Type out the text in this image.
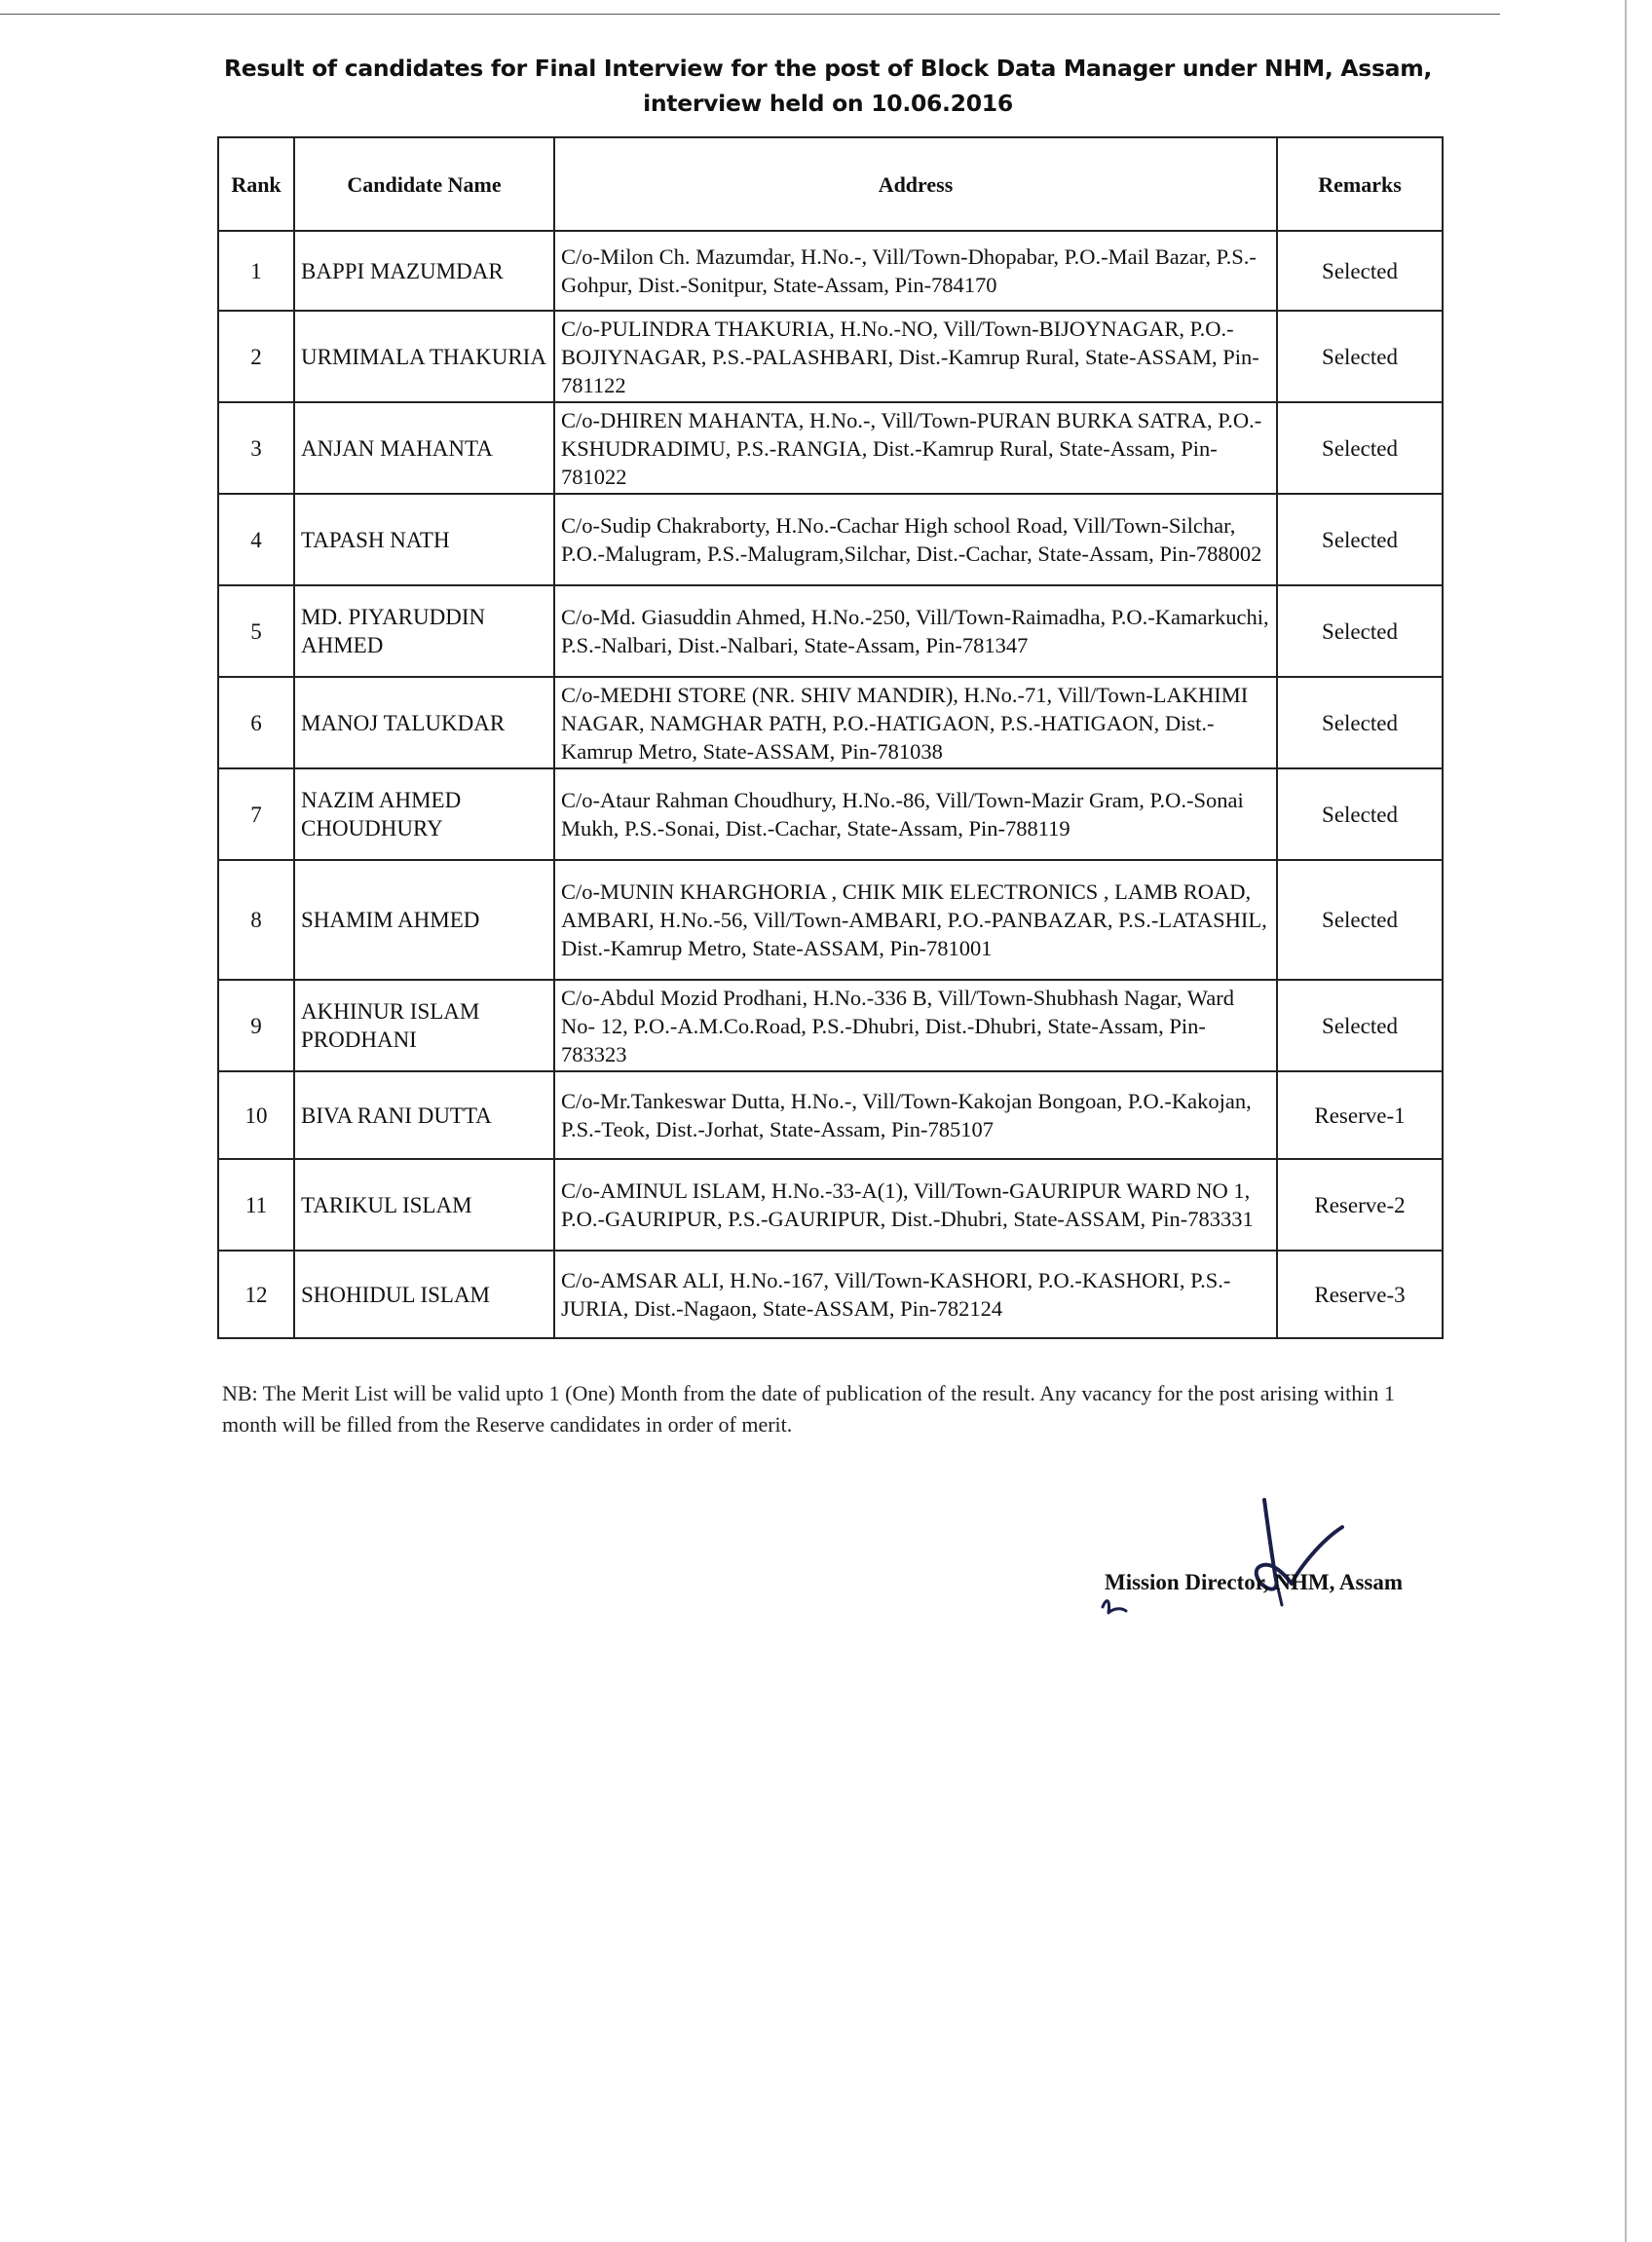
Result of candidates for Final Interview for the post of Block Data Manager under NHM, Assam,
interview held on 10.06.2016
Rank	Candidate Name	Address	Remarks
1	BAPPI MAZUMDAR	C/o-Milon Ch. Mazumdar, H.No.-, Vill/Town-Dhopabar, P.O.-Mail Bazar, P.S.-Gohpur, Dist.-Sonitpur, State-Assam, Pin-784170	Selected
2	URMIMALA THAKURIA	C/o-PULINDRA THAKURIA, H.No.-NO, Vill/Town-BIJOYNAGAR, P.O.-BOJIYNAGAR, P.S.-PALASHBARI, Dist.-Kamrup Rural, State-ASSAM, Pin-781122	Selected
3	ANJAN MAHANTA	C/o-DHIREN MAHANTA, H.No.-, Vill/Town-PURAN BURKA SATRA, P.O.-KSHUDRADIMU, P.S.-RANGIA, Dist.-Kamrup Rural, State-Assam, Pin-781022	Selected
4	TAPASH NATH	C/o-Sudip Chakraborty, H.No.-Cachar High school Road, Vill/Town-Silchar, P.O.-Malugram, P.S.-Malugram,Silchar, Dist.-Cachar, State-Assam, Pin-788002	Selected
5	MD. PIYARUDDIN AHMED	C/o-Md. Giasuddin Ahmed, H.No.-250, Vill/Town-Raimadha, P.O.-Kamarkuchi, P.S.-Nalbari, Dist.-Nalbari, State-Assam, Pin-781347	Selected
6	MANOJ TALUKDAR	C/o-MEDHI STORE (NR. SHIV MANDIR), H.No.-71, Vill/Town-LAKHIMI NAGAR, NAMGHAR PATH, P.O.-HATIGAON, P.S.-HATIGAON, Dist.-Kamrup Metro, State-ASSAM, Pin-781038	Selected
7	NAZIM AHMED CHOUDHURY	C/o-Ataur Rahman Choudhury, H.No.-86, Vill/Town-Mazir Gram, P.O.-Sonai Mukh, P.S.-Sonai, Dist.-Cachar, State-Assam, Pin-788119	Selected
8	SHAMIM AHMED	C/o-MUNIN KHARGHORIA , CHIK MIK ELECTRONICS , LAMB ROAD, AMBARI, H.No.-56, Vill/Town-AMBARI, P.O.-PANBAZAR, P.S.-LATASHIL, Dist.-Kamrup Metro, State-ASSAM, Pin-781001	Selected
9	AKHINUR ISLAM PRODHANI	C/o-Abdul Mozid Prodhani, H.No.-336 B, Vill/Town-Shubhash Nagar, Ward No- 12, P.O.-A.M.Co.Road, P.S.-Dhubri, Dist.-Dhubri, State-Assam, Pin-783323	Selected
10	BIVA RANI DUTTA	C/o-Mr.Tankeswar Dutta, H.No.-, Vill/Town-Kakojan Bongoan, P.O.-Kakojan, P.S.-Teok, Dist.-Jorhat, State-Assam, Pin-785107	Reserve-1
11	TARIKUL ISLAM	C/o-AMINUL ISLAM, H.No.-33-A(1), Vill/Town-GAURIPUR WARD NO 1, P.O.-GAURIPUR, P.S.-GAURIPUR, Dist.-Dhubri, State-ASSAM, Pin-783331	Reserve-2
12	SHOHIDUL ISLAM	C/o-AMSAR ALI, H.No.-167, Vill/Town-KASHORI, P.O.-KASHORI, P.S.-JURIA, Dist.-Nagaon, State-ASSAM, Pin-782124	Reserve-3
NB: The Merit List will be valid upto 1 (One) Month from the date of publication of the result. Any vacancy for the post arising within 1 month will be filled from the Reserve candidates in order of merit.
Mission Director, NHM, Assam
